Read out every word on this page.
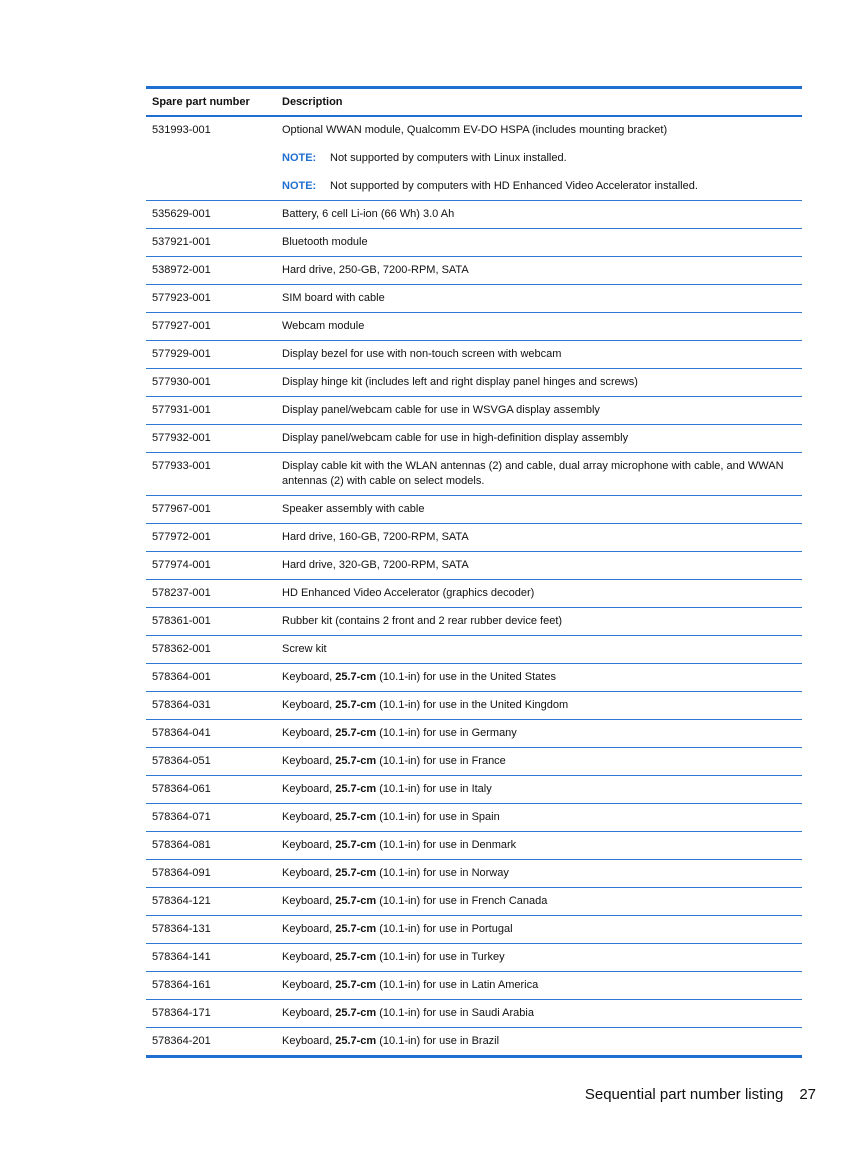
Spare part number	Description
531993-001	Optional WWAN module, Qualcomm EV-DO HSPA (includes mounting bracket)
NOTE: Not supported by computers with Linux installed.
NOTE: Not supported by computers with HD Enhanced Video Accelerator installed.

535629-001	Battery, 6 cell Li-ion (66 Wh) 3.0 Ah
537921-001	Bluetooth module
538972-001	Hard drive, 250-GB, 7200-RPM, SATA
577923-001	SIM board with cable
577927-001	Webcam module
577929-001	Display bezel for use with non-touch screen with webcam
577930-001	Display hinge kit (includes left and right display panel hinges and screws)
577931-001	Display panel/webcam cable for use in WSVGA display assembly
577932-001	Display panel/webcam cable for use in high-definition display assembly
577933-001	Display cable kit with the WLAN antennas (2) and cable, dual array microphone with cable, and WWAN antennas (2) with cable on select models.
577967-001	Speaker assembly with cable
577972-001	Hard drive, 160-GB, 7200-RPM, SATA
577974-001	Hard drive, 320-GB, 7200-RPM, SATA
578237-001	HD Enhanced Video Accelerator (graphics decoder)
578361-001	Rubber kit (contains 2 front and 2 rear rubber device feet)
578362-001	Screw kit
578364-001	Keyboard, 25.7-cm (10.1-in) for use in the United States
578364-031	Keyboard, 25.7-cm (10.1-in) for use in the United Kingdom
578364-041	Keyboard, 25.7-cm (10.1-in) for use in Germany
578364-051	Keyboard, 25.7-cm (10.1-in) for use in France
578364-061	Keyboard, 25.7-cm (10.1-in) for use in Italy
578364-071	Keyboard, 25.7-cm (10.1-in) for use in Spain
578364-081	Keyboard, 25.7-cm (10.1-in) for use in Denmark
578364-091	Keyboard, 25.7-cm (10.1-in) for use in Norway
578364-121	Keyboard, 25.7-cm (10.1-in) for use in French Canada
578364-131	Keyboard, 25.7-cm (10.1-in) for use in Portugal
578364-141	Keyboard, 25.7-cm (10.1-in) for use in Turkey
578364-161	Keyboard, 25.7-cm (10.1-in) for use in Latin America
578364-171	Keyboard, 25.7-cm (10.1-in) for use in Saudi Arabia
578364-201	Keyboard, 25.7-cm (10.1-in) for use in Brazil
Sequential part number listing 27
